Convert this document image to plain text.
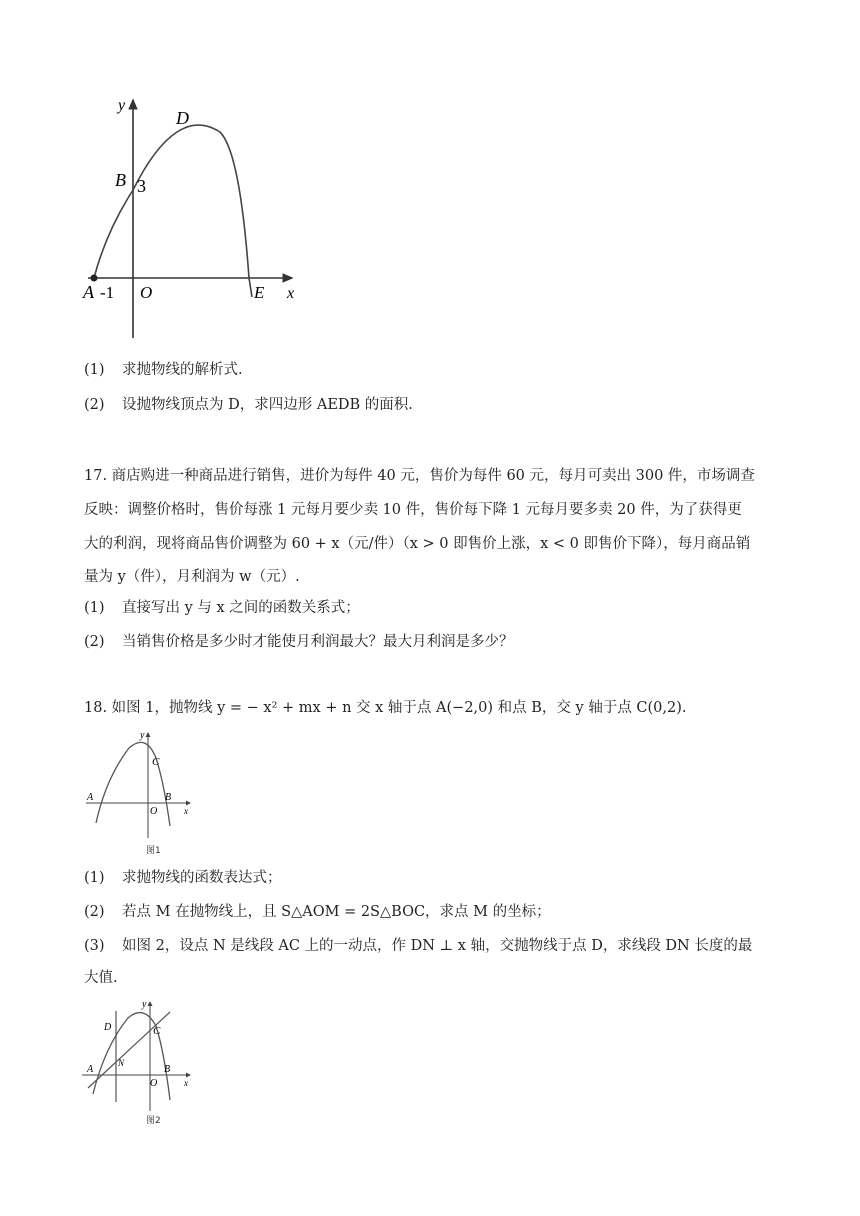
y
D
B 3
A -1 O	E x
(1) 求抛物线的解析式.
(2) 设抛物线顶点为 D，求四边形 AEDB 的面积.
17. 商店购进一种商品进行销售，进价为每件 40 元，售价为每件 60 元，每月可卖出 300 件，市场调查
反映：调整价格时，售价每涨 1 元每月要少卖 10 件，售价每下降 1 元每月要多卖 20 件，为了获得更
大的利润，现将商品售价调整为 60 + x（元/件）（x > 0 即售价上涨，x < 0 即售价下降），每月商品销
量为 y（件），月利润为 w（元）.
(1) 直接写出 y 与 x 之间的函数关系式；
(2) 当销售价格是多少时才能使月利润最大？最大月利润是多少？
18. 如图 1，抛物线 y = − x² + mx + n 交 x 轴于点 A(−2,0) 和点 B，交 y 轴于点 C(0,2).
y
C
A	B
O	x
图1
(1) 求抛物线的函数表达式；
(2) 若点 M 在抛物线上，且 S△AOM = 2S△BOC，求点 M 的坐标；
(3) 如图 2，设点 N 是线段 AC 上的一动点，作 DN ⊥ x 轴，交抛物线于点 D，求线段 DN 长度的最
大值.
y
D	C
N
A	B
O	x
图2
